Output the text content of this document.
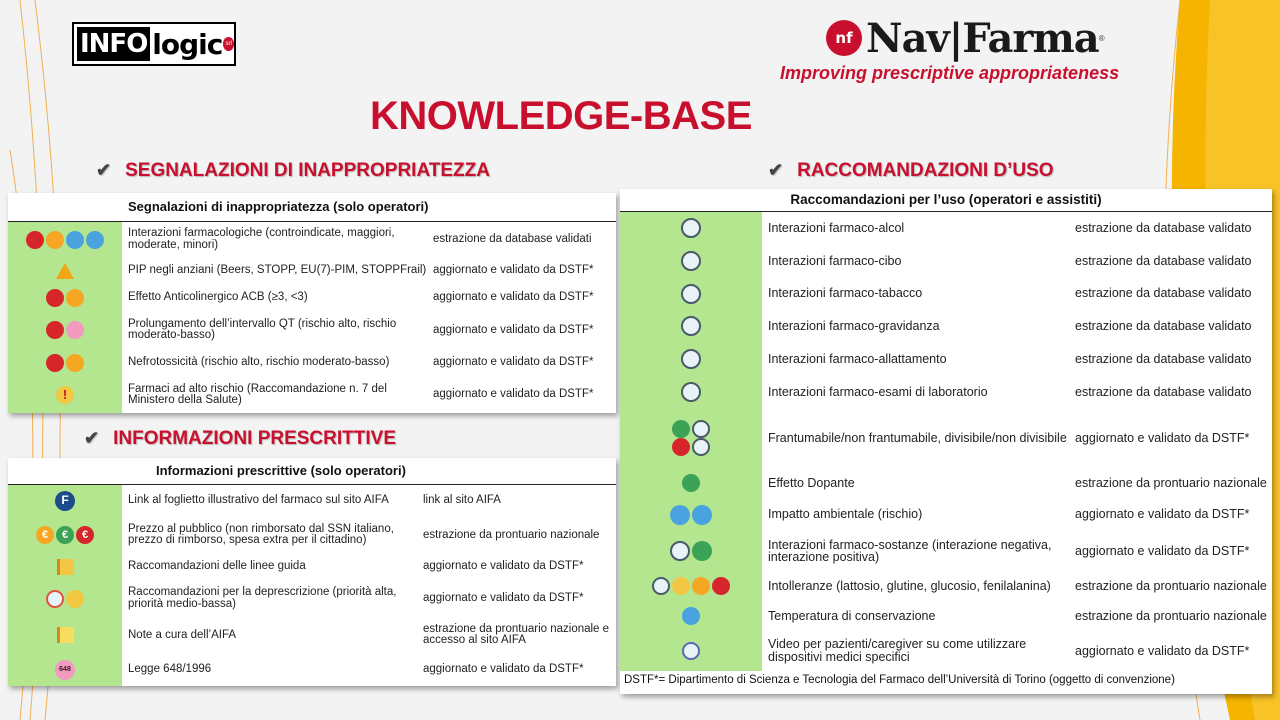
INFO logic srl	nf Nav|Farma ®
Improving prescriptive appropriateness
KNOWLEDGE-BASE
✔ SEGNALAZIONI DI INAPPROPRIATEZZA
✔ INFORMAZIONI PRESCRITTIVE
✔ RACCOMANDAZIONI D’USO
Segnalazioni di inappropriatezza (solo operatori)		
	Interazioni farmacologiche (controindicate, maggiori, moderate, minori)	estrazione da database validati
	PIP negli anziani (Beers, STOPP, EU(7)-PIM, STOPPFrail)	aggiornato e validato da DSTF*
	Effetto Anticolinergico ACB (≥3, <3)	aggiornato e validato da DSTF*
	Prolungamento dell’intervallo QT (rischio alto, rischio moderato-basso)	aggiornato e validato da DSTF*
	Nefrotossicità (rischio alto, rischio moderato-basso)	aggiornato e validato da DSTF*
!	Farmaci ad alto rischio (Raccomandazione n. 7 del Ministero della Salute)	aggiornato e validato da DSTF*
Informazioni prescrittive (solo operatori)		
F	Link al foglietto illustrativo del farmaco sul sito AIFA	link al sito AIFA
€ € €	Prezzo al pubblico (non rimborsato dal SSN italiano, prezzo di rimborso, spesa extra per il cittadino)	estrazione da prontuario nazionale
	Raccomandazioni delle linee guida	aggiornato e validato da DSTF*
	Raccomandazioni per la deprescrizione (priorità alta, priorità medio-bassa)	aggiornato e validato da DSTF*
	Note a cura dell’AIFA	estrazione da prontuario nazionale e accesso al sito AIFA
648	Legge 648/1996	aggiornato e validato da DSTF*
Raccomandazioni per l’uso (operatori e assistiti)		
	Interazioni farmaco-alcol	estrazione da database validato
	Interazioni farmaco-cibo	estrazione da database validato
	Interazioni farmaco-tabacco	estrazione da database validato
	Interazioni farmaco-gravidanza	estrazione da database validato
	Interazioni farmaco-allattamento	estrazione da database validato
	Interazioni farmaco-esami di laboratorio	estrazione da database validato

	Frantumabile/non frantumabile, divisibile/non divisibile	aggiornato e validato da DSTF*
	Effetto Dopante	estrazione da prontuario nazionale
	Impatto ambientale (rischio)	aggiornato e validato da DSTF*
	Interazioni farmaco-sostanze (interazione negativa, interazione positiva)	aggiornato e validato da DSTF*
	Intolleranze (lattosio, glutine, glucosio, fenilalanina)	estrazione da prontuario nazionale
	Temperatura di conservazione	estrazione da prontuario nazionale
	Video per pazienti/caregiver su come utilizzare dispositivi medici specifici	aggiornato e validato da DSTF*
DSTF*= Dipartimento di Scienza e Tecnologia del Farmaco dell’Università di Torino (oggetto di convenzione)
